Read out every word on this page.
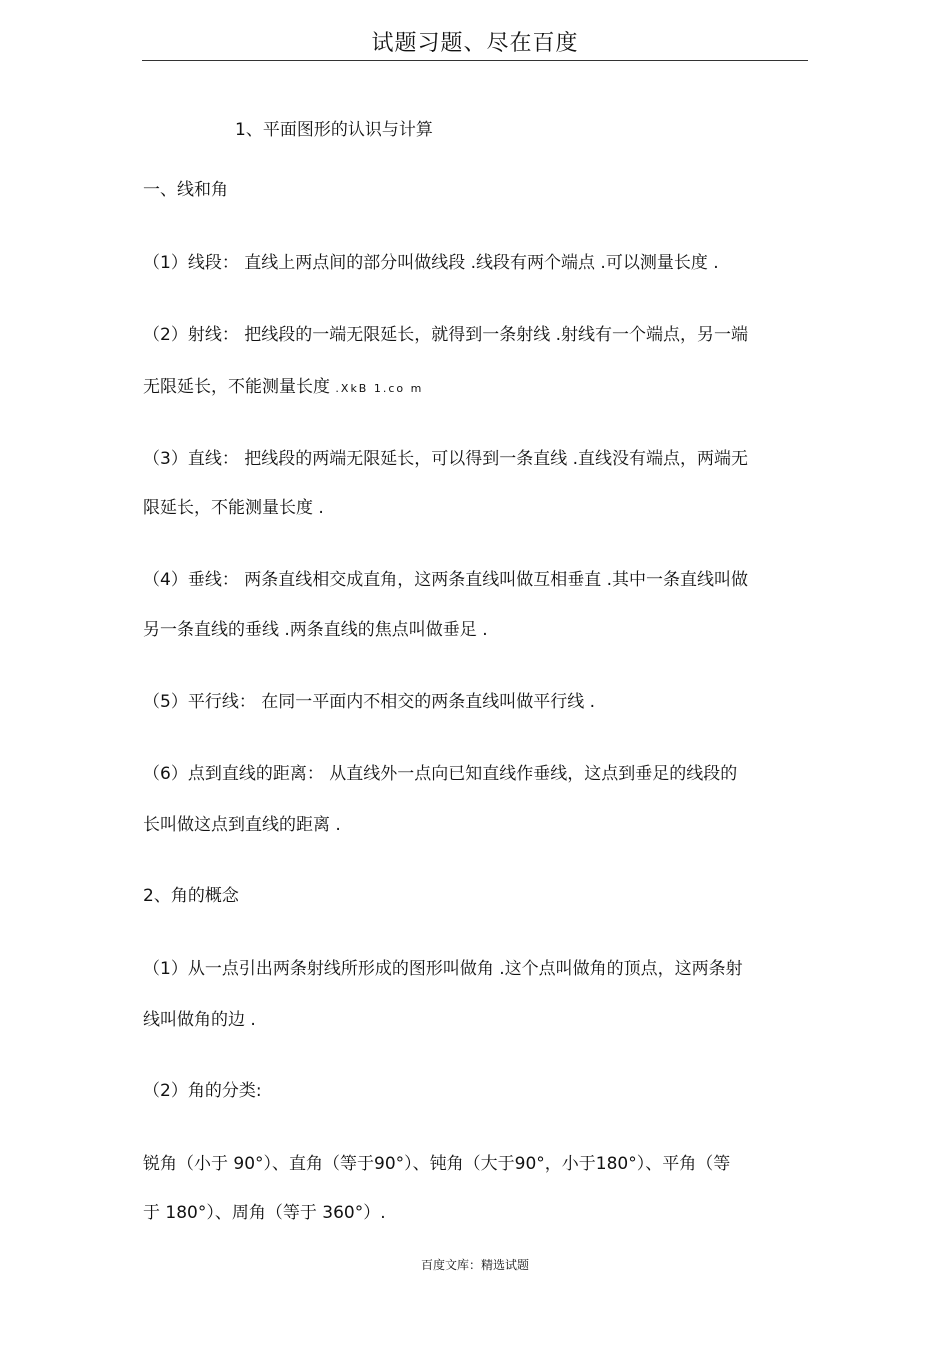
试题习题、尽在百度
1、平面图形的认识与计算
一、线和角
（1）线段： 直线上两点间的部分叫做线段 .线段有两个端点 .可以测量长度 .
（2）射线： 把线段的一端无限延长，就得到一条射线 .射线有一个端点，另一端
无限延长，不能测量长度 .XkB 1.co m
（3）直线： 把线段的两端无限延长，可以得到一条直线 .直线没有端点，两端无
限延长，不能测量长度 .
（4）垂线： 两条直线相交成直角，这两条直线叫做互相垂直 .其中一条直线叫做
另一条直线的垂线 .两条直线的焦点叫做垂足 .
（5）平行线： 在同一平面内不相交的两条直线叫做平行线 .
（6）点到直线的距离： 从直线外一点向已知直线作垂线，这点到垂足的线段的
长叫做这点到直线的距离 .
2、角的概念
（1）从一点引出两条射线所形成的图形叫做角 .这个点叫做角的顶点，这两条射
线叫做角的边 .
（2）角的分类:
锐角（小于 90°）、直角（等于90°）、钝角（大于90°，小于180°）、平角（等
于 180°）、周角（等于 360°）.
百度文库：精选试题
